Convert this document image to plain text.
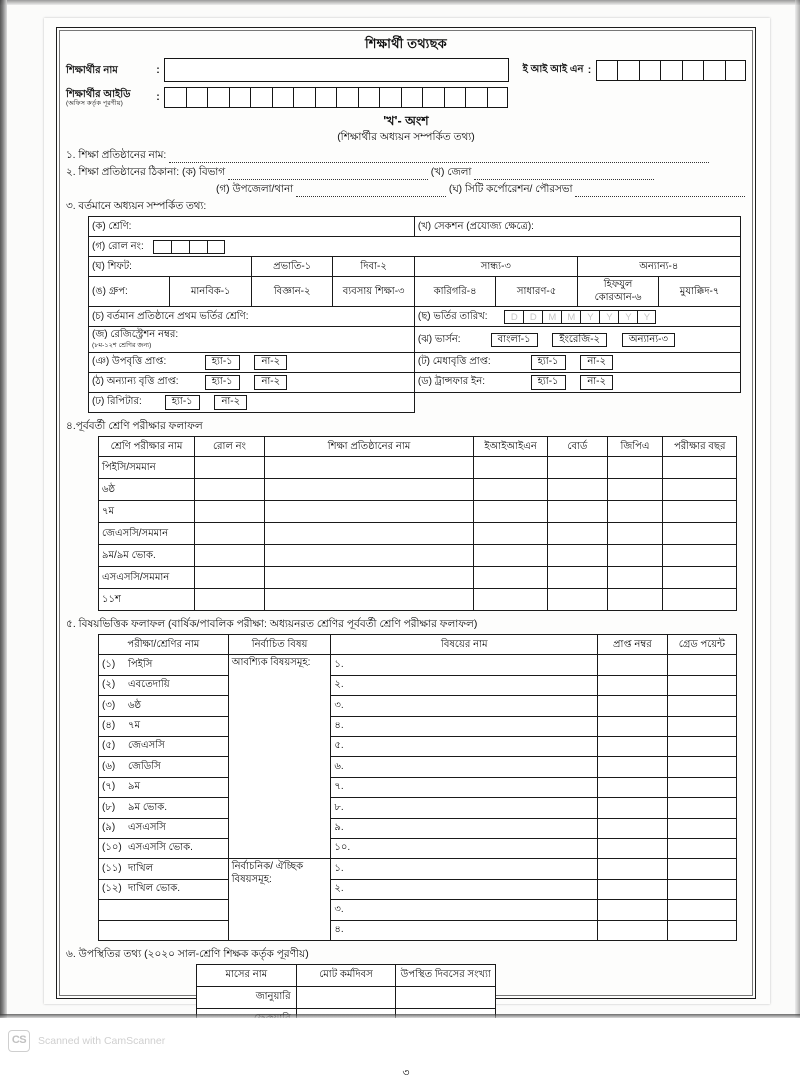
শিক্ষার্থী তথ্যছক
শিক্ষার্থীর নাম	:	ই আই আই এন :
শিক্ষার্থীর আইডি
(অফিস কর্তৃক পূরণীয়)	:
'খ'- অংশ
(শিক্ষার্থীর অধ্যয়ন সম্পর্কিত তথ্য)
১. শিক্ষা প্রতিষ্ঠানের নাম:
২. শিক্ষা প্রতিষ্ঠানের ঠিকানা: (ক) বিভাগ	(খ) জেলা
(গ) উপজেলা/থানা	(ঘ) সিটি কর্পোরেশন/ পৌরসভা
৩. বর্তমানে অধ্যয়ন সম্পর্কিত তথ্য:
(ক) শ্রেণি:				(খ) সেকশন (প্রযোজ্য ক্ষেত্রে):			
(গ) রোল নং:							

(ঘ) শিফট:		প্রভাতি-১	দিবা-২	সান্ধ্য-৩		অন্যান্য-৪	
(ঙ) গ্রুপ:	মানবিক-১	বিজ্ঞান-২	ব্যবসায় শিক্ষা-৩	কারিগরি-৪	সাধারণ-৫	হিফযুল কোরআন-৬	মুযাক্কিদ-৭
(চ) বর্তমান প্রতিষ্ঠানে প্রথম ভর্তির শ্রেণি:	(ছ) ভর্তির তারিখ:	D	D	M	M	Y	Y	Y	Y

(জ) রেজিস্ট্রেশন নম্বর:
(৮ম-১২শ শ্রেণির জন্য)				(ঝ) ভার্সন: বাংলা-১ ইংরেজি-২ অন্যান্য-৩			
(ঞ) উপবৃত্তি প্রাপ্ত: হ্যা-১ না-২				(ট) মেধাবৃত্তি প্রাপ্ত: হ্যা-১ না-২			
(ঠ) অন্যান্য বৃত্তি প্রাপ্ত: হ্যা-১ না-২				(ড) ট্রান্সফার ইন: হ্যা-১ না-২			
(ঢ) রিপিটার: হ্যা-১ না-২							
৪.পূর্ববর্তী শ্রেণি পরীক্ষার ফলাফল
শ্রেণি পরীক্ষার নাম	রোল নং	শিক্ষা প্রতিষ্ঠানের নাম	ইআইআইএন	বোর্ড	জিপিএ	পরীক্ষার বছর
পিইসি/সমমান						
৬ষ্ঠ						
৭ম						
জেএসসি/সমমান						
৯ম/৯ম ভোক.						
এসএসসি/সমমান						
১১শ						
৫. বিষয়ভিত্তিক ফলাফল (বার্ষিক/পাবলিক পরীক্ষা: অধ্যয়নরত শ্রেণির পূর্ববর্তী শ্রেণি পরীক্ষার ফলাফল)
পরীক্ষা/শ্রেণির নাম	নির্বাচিত বিষয়	বিষয়ের নাম	প্রাপ্ত নম্বর	গ্রেড পয়েন্ট
(১) পিইসি	আবশ্যিক বিষয়সমূহ:	১.		
(২) এবতেদায়ি		২.		
(৩) ৬ষ্ঠ		৩.		
(৪) ৭ম		৪.		
(৫) জেএসসি		৫.		
(৬) জেডিসি		৬.		
(৭) ৯ম		৭.		
(৮) ৯ম ভোক.		৮.		
(৯) এসএসসি		৯.		
(১০) এসএসসি ভোক.		১০.		
(১১) দাখিল	নির্বাচনিক/ ঐচ্ছিক বিষয়সমূহ:	১.		
(১২) দাখিল ভোক.		২.		
		৩.		
		৪.		
৬. উপস্থিতির তথ্য (২০২০ সাল-শ্রেণি শিক্ষক কর্তৃক পূরণীয়)
মাসের নাম	মোট কর্মদিবস	উপস্থিত দিবসের সংখ্যা
জানুয়ারি		

৩
CS	Scanned with CamScanner
